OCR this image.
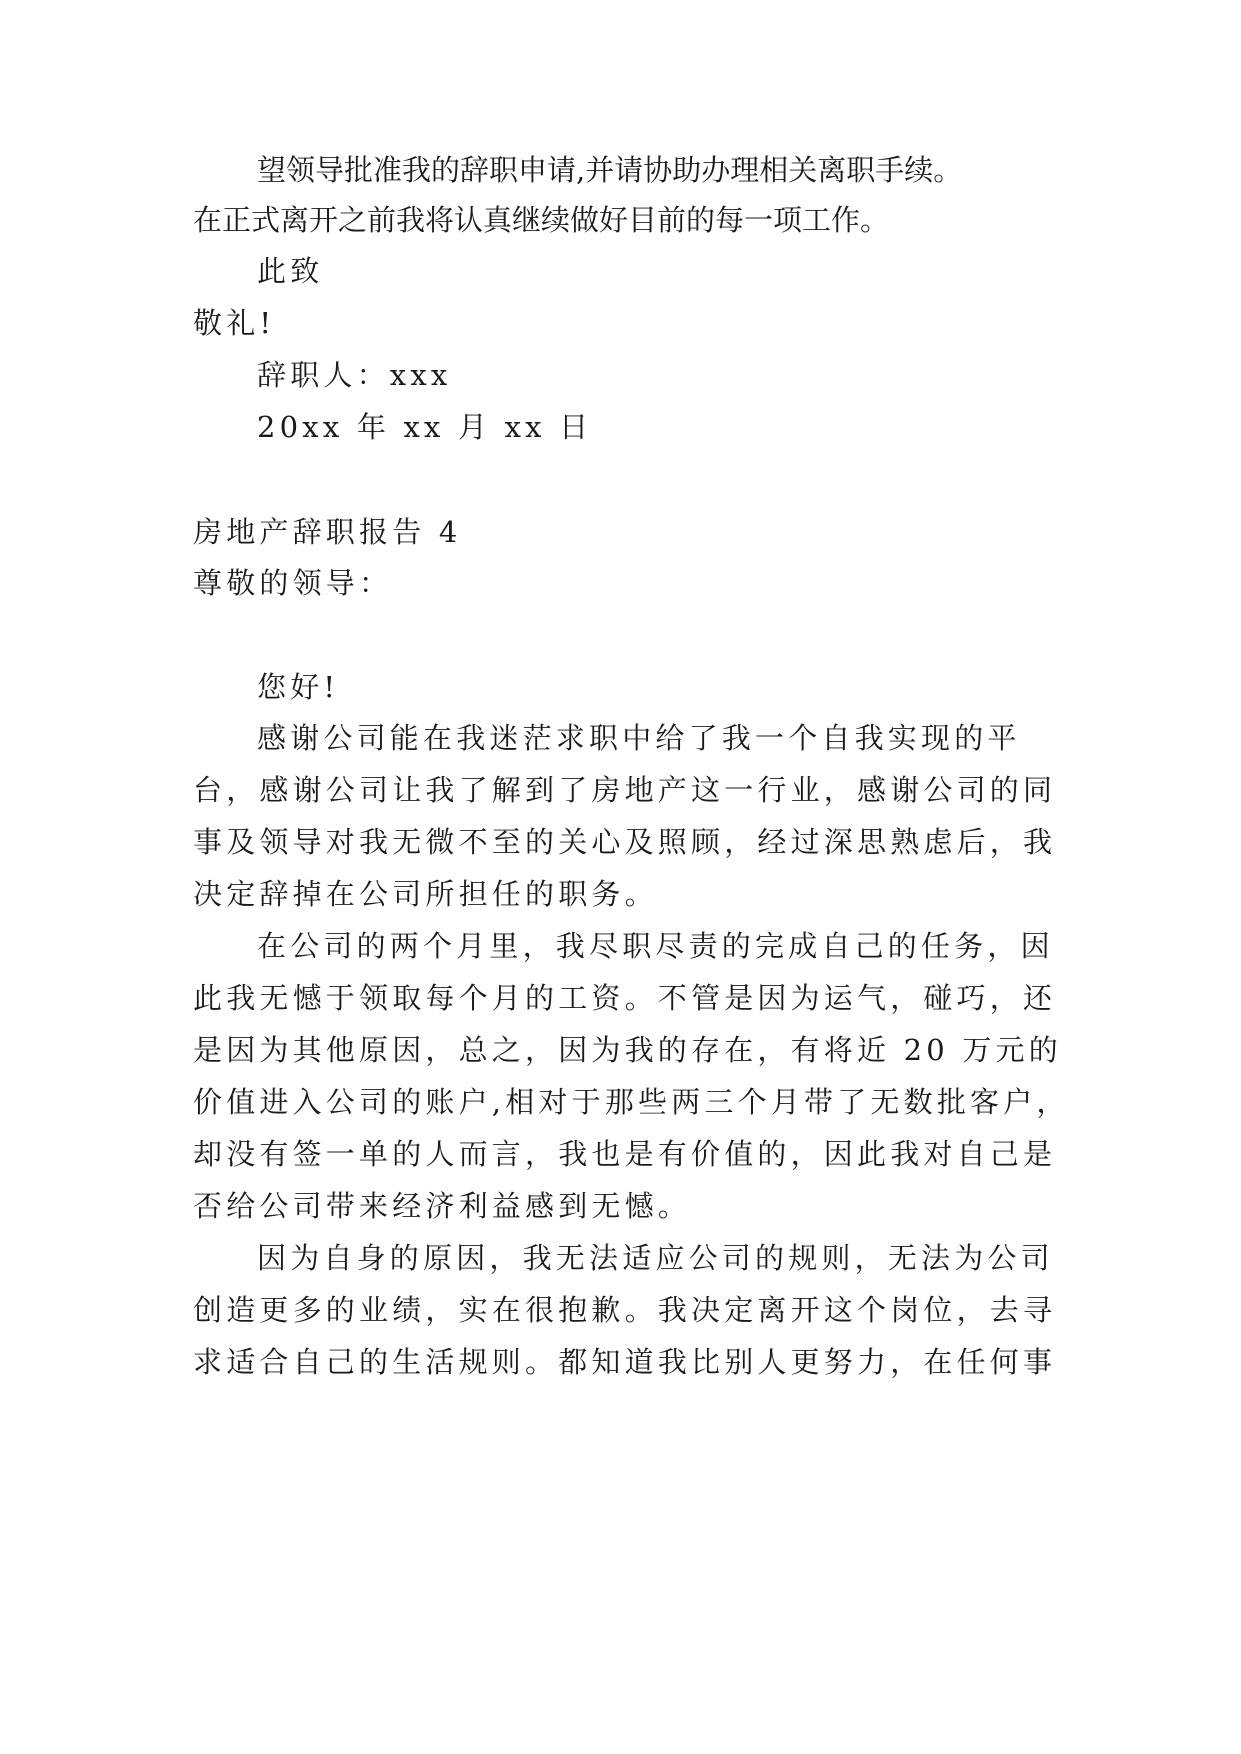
望领导批准我的辞职申请,并请协助办理相关离职手续。
在正式离开之前我将认真继续做好目前的每一项工作。
此致
敬礼!
辞职人：xxx
20xx 年 xx 月 xx 日
房地产辞职报告 4
尊敬的领导：
您好!
感谢公司能在我迷茫求职中给了我一个自我实现的平
台，感谢公司让我了解到了房地产这一行业，感谢公司的同
事及领导对我无微不至的关心及照顾，经过深思熟虑后，我
决定辞掉在公司所担任的职务。
在公司的两个月里，我尽职尽责的完成自己的任务，因
此我无憾于领取每个月的工资。不管是因为运气，碰巧，还
是因为其他原因，总之，因为我的存在，有将近 20 万元的
价值进入公司的账户,相对于那些两三个月带了无数批客户，
却没有签一单的人而言，我也是有价值的，因此我对自己是
否给公司带来经济利益感到无憾。
因为自身的原因，我无法适应公司的规则，无法为公司
创造更多的业绩，实在很抱歉。我决定离开这个岗位，去寻
求适合自己的生活规则。都知道我比别人更努力，在任何事
